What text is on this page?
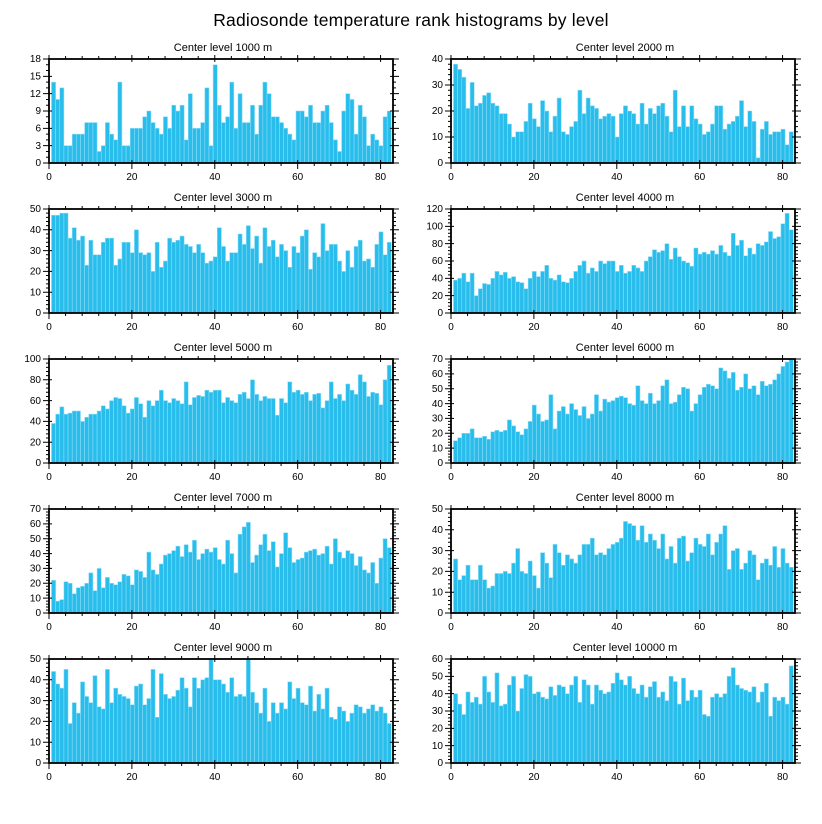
Radiosonde temperature rank histograms by level
Center level 1000 m
0	20	40	60	80
0
3
6
9
12
15
18
Center level 2000 m
0	20	40	60	80
0
10
20
30
40
Center level 3000 m
0	20	40	60	80
0
10
20
30
40
50
Center level 4000 m
0	20	40	60	80
0
20
40
60
80
100
120
Center level 5000 m
0	20	40	60	80
0
20
40
60
80
100
Center level 6000 m
0	20	40	60	80
0
10
20
30
40
50
60
70
Center level 7000 m
0	20	40	60	80
0
10
20
30
40
50
60
70
Center level 8000 m
0	20	40	60	80
0
10
20
30
40
50
Center level 9000 m
0	20	40	60	80
0
10
20
30
40
50
Center level 10000 m
0	20	40	60	80
0
10
20
30
40
50
60
